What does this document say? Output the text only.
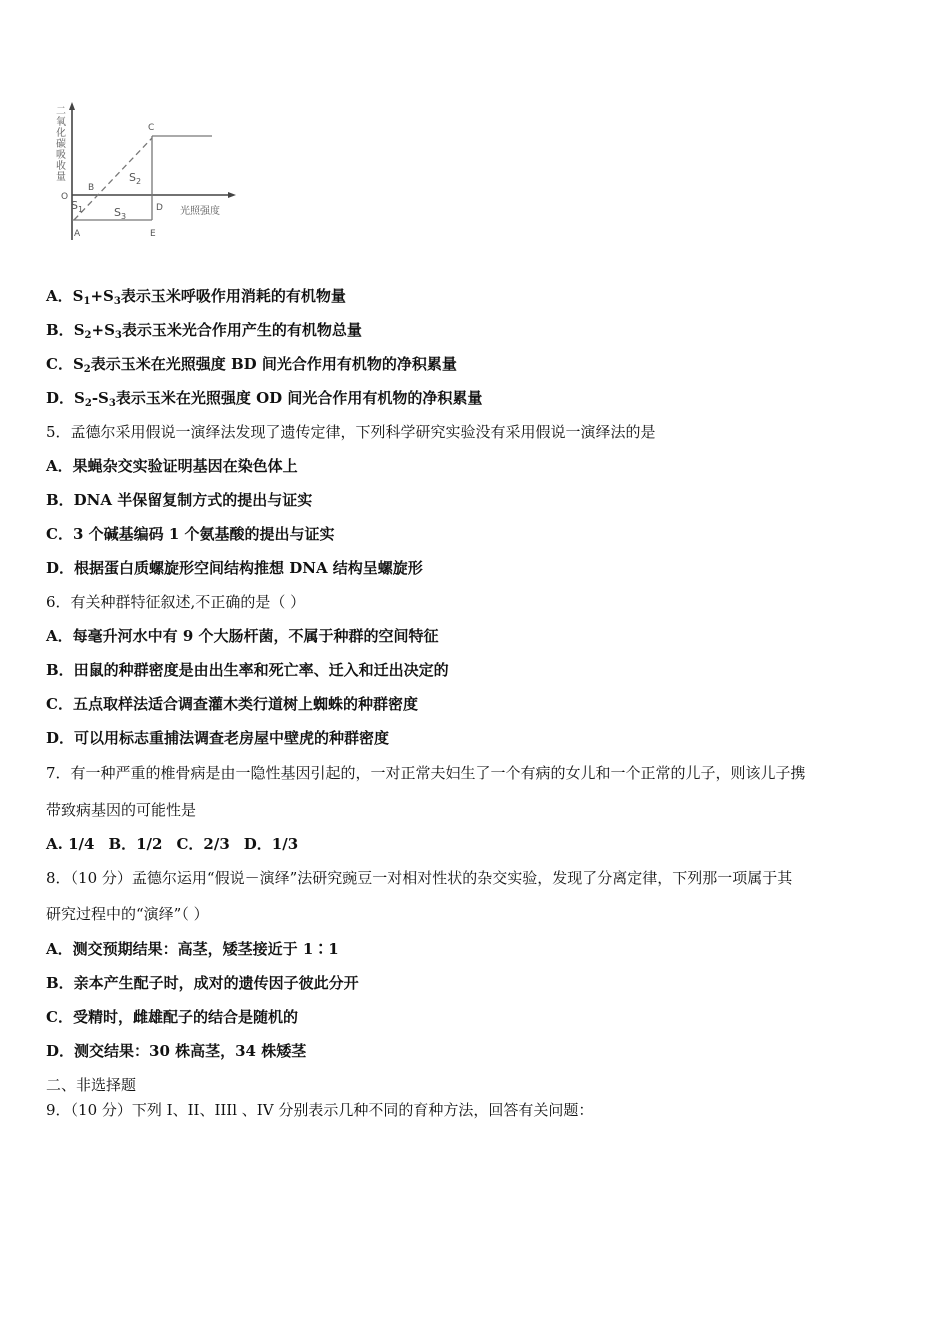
二
氧
化
碳
吸
收
量
C
O
B
D
A	E
光照强度
$S_2$
$S_3$
$S_1$
A．$S_1+S_3$表示玉米呼吸作用消耗的有机物量
B．$S_2+S_3$表示玉米光合作用产生的有机物总量
C．$S_2$表示玉米在光照强度 BD 间光合作用有机物的净积累量
D．$S_2-S_3$表示玉米在光照强度 OD 间光合作用有机物的净积累量
5．孟德尔采用假说一演绎法发现了遗传定律，下列科学研究实验没有采用假说一演绎法的是
A．果蝇杂交实验证明基因在染色体上
B．DNA 半保留复制方式的提出与证实
C．3 个碱基编码 1 个氨基酸的提出与证实
D．根据蛋白质螺旋形空间结构推想 DNA 结构呈螺旋形
6．有关种群特征叙述,不正确的是（ ）
A．每毫升河水中有 9 个大肠杆菌，不属于种群的空间特征
B．田鼠的种群密度是由出生率和死亡率、迁入和迁出决定的
C．五点取样法适合调查灌木类行道树上蜘蛛的种群密度
D．可以用标志重捕法调查老房屋中壁虎的种群密度
7．有一种严重的椎骨病是由一隐性基因引起的，一对正常夫妇生了一个有病的女儿和一个正常的儿子，则该儿子携
带致病基因的可能性是
A. 1/4 B．1/2 C．2/3 D．1/3
8．（10 分）孟德尔运用“假说－演绎”法研究豌豆一对相对性状的杂交实验，发现了分离定律，下列那一项属于其
研究过程中的“演绎”（ ）
A．测交预期结果：高茎，矮茎接近于 1∶1
B．亲本产生配子时，成对的遗传因子彼此分开
C．受精时，雌雄配子的结合是随机的
D．测交结果：30 株高茎，34 株矮茎
二、非选择题
9．（10 分）下列 I、II、IIIl 、IV 分别表示几种不同的育种方法，回答有关问题：
